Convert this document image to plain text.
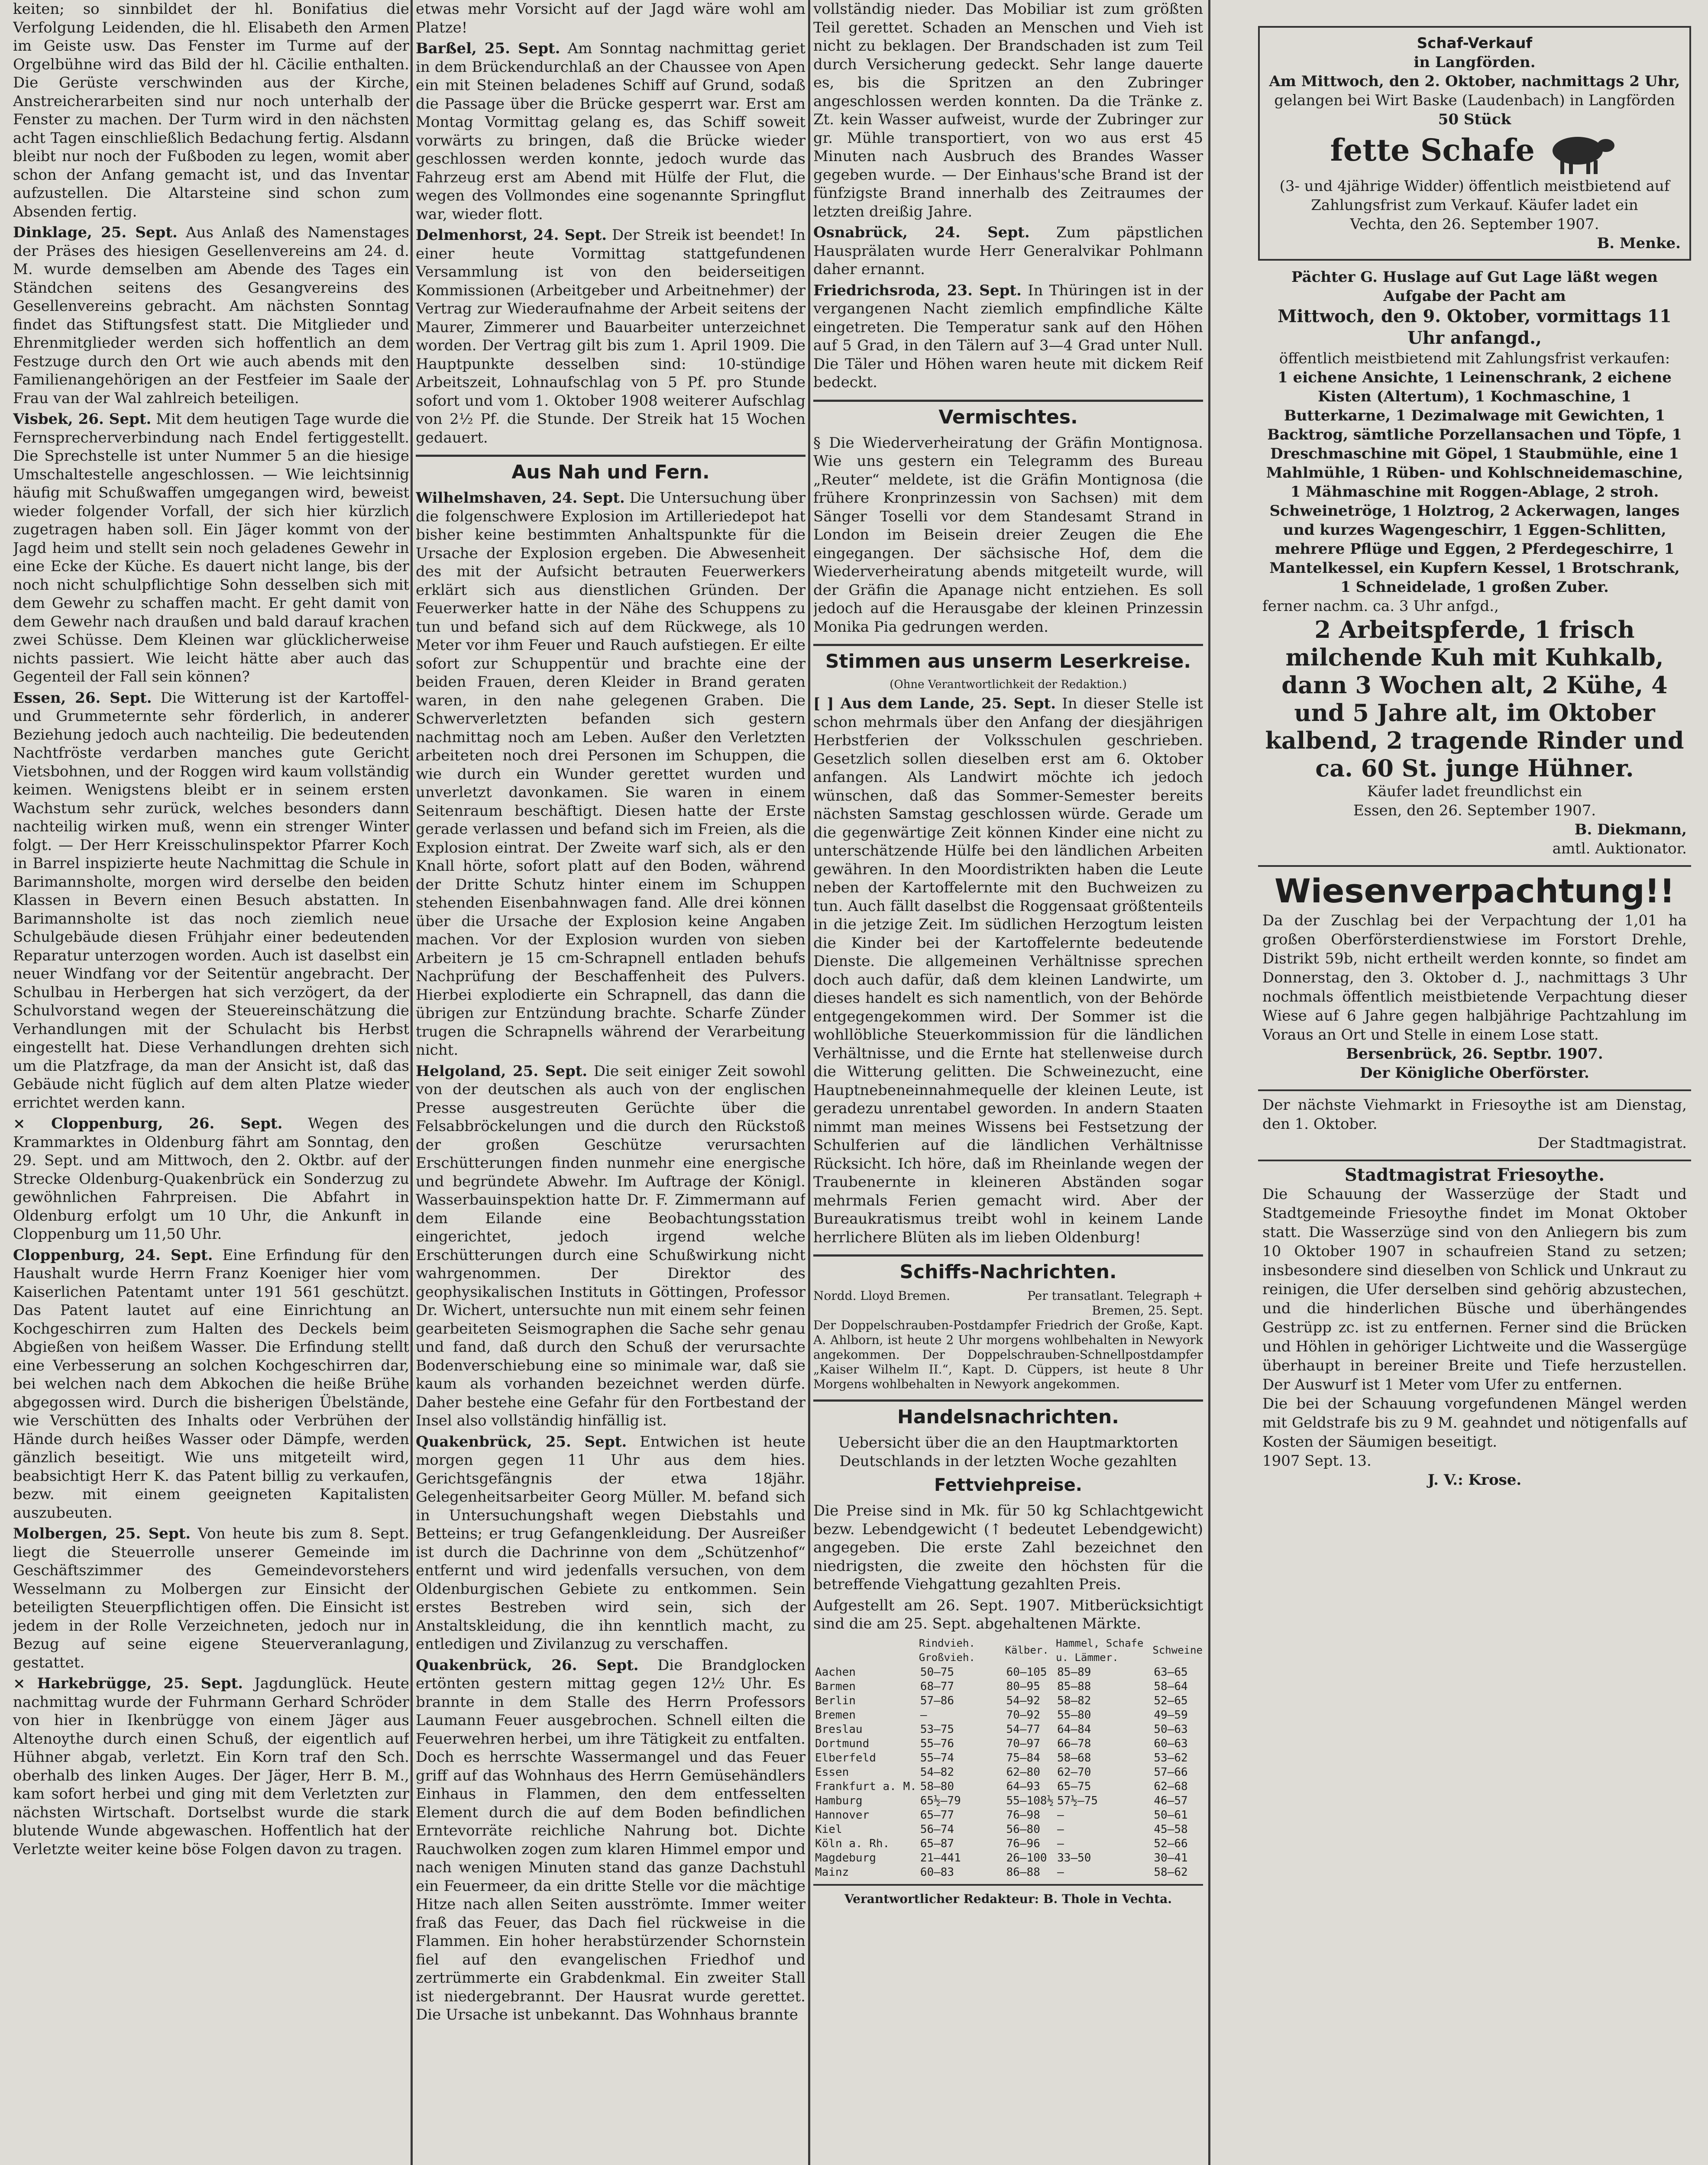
keiten; so sinnbildet der hl. Bonifatius die Verfolgung Leidenden, die hl. Elisabeth den Armen im Geiste usw. Das Fenster im Turme auf der Orgelbühne wird das Bild der hl. Cäcilie enthalten. Die Gerüste verschwinden aus der Kirche, Anstreicherarbeiten sind nur noch unterhalb der Fenster zu machen. Der Turm wird in den nächsten acht Tagen einschließlich Bedachung fertig. Alsdann bleibt nur noch der Fußboden zu legen, womit aber schon der Anfang gemacht ist, und das Inventar aufzustellen. Die Altarsteine sind schon zum Absenden fertig.

Dinklage, 25. Sept. Aus Anlaß des Namenstages der Präses des hiesigen Gesellenvereins am 24. d. M. wurde demselben am Abende des Tages ein Ständchen seitens des Gesangvereins des Gesellenvereins gebracht. Am nächsten Sonntag findet das Stiftungsfest statt. Die Mitglieder und Ehrenmitglieder werden sich hoffentlich an dem Festzuge durch den Ort wie auch abends mit den Familienangehörigen an der Festfeier im Saale der Frau van der Wal zahlreich beteiligen.

Visbek, 26. Sept. Mit dem heutigen Tage wurde die Fernsprecherverbindung nach Endel fertiggestellt. Die Sprechstelle ist unter Nummer 5 an die hiesige Umschaltestelle angeschlossen. — Wie leichtsinnig häufig mit Schußwaffen umgegangen wird, beweist wieder folgender Vorfall, der sich hier kürzlich zugetragen haben soll. Ein Jäger kommt von der Jagd heim und stellt sein noch geladenes Gewehr in eine Ecke der Küche. Es dauert nicht lange, bis der noch nicht schulpflichtige Sohn desselben sich mit dem Gewehr zu schaffen macht. Er geht damit von dem Gewehr nach draußen und bald darauf krachen zwei Schüsse. Dem Kleinen war glücklicherweise nichts passiert. Wie leicht hätte aber auch das Gegenteil der Fall sein können?

Essen, 26. Sept. Die Witterung ist der Kartoffel- und Grummeternte sehr förderlich, in anderer Beziehung jedoch auch nachteilig. Die bedeutenden Nachtfröste verdarben manches gute Gericht Vietsbohnen, und der Roggen wird kaum vollständig keimen. Wenigstens bleibt er in seinem ersten Wachstum sehr zurück, welches besonders dann nachteilig wirken muß, wenn ein strenger Winter folgt. — Der Herr Kreisschulinspektor Pfarrer Koch in Barrel inspizierte heute Nachmittag die Schule in Barimannsholte, morgen wird derselbe den beiden Klassen in Bevern einen Besuch abstatten. In Barimannsholte ist das noch ziemlich neue Schulgebäude diesen Frühjahr einer bedeutenden Reparatur unterzogen worden. Auch ist daselbst ein neuer Windfang vor der Seitentür angebracht. Der Schulbau in Herbergen hat sich verzögert, da der Schulvorstand wegen der Steuereinschätzung die Verhandlungen mit der Schulacht bis Herbst eingestellt hat. Diese Verhandlungen drehten sich um die Platzfrage, da man der Ansicht ist, daß das Gebäude nicht füglich auf dem alten Platze wieder errichtet werden kann.

× Cloppenburg, 26. Sept. Wegen des Krammarktes in Oldenburg fährt am Sonntag, den 29. Sept. und am Mittwoch, den 2. Oktbr. auf der Strecke Oldenburg-Quakenbrück ein Sonderzug zu gewöhnlichen Fahrpreisen. Die Abfahrt in Oldenburg erfolgt um 10 Uhr, die Ankunft in Cloppenburg um 11,50 Uhr.

Cloppenburg, 24. Sept. Eine Erfindung für den Haushalt wurde Herrn Franz Koeniger hier vom Kaiserlichen Patentamt unter 191 561 geschützt. Das Patent lautet auf eine Einrichtung an Kochgeschirren zum Halten des Deckels beim Abgießen von heißem Wasser. Die Erfindung stellt eine Verbesserung an solchen Kochgeschirren dar, bei welchen nach dem Abkochen die heiße Brühe abgegossen wird. Durch die bisherigen Übelstände, wie Verschütten des Inhalts oder Verbrühen der Hände durch heißes Wasser oder Dämpfe, werden gänzlich beseitigt. Wie uns mitgeteilt wird, beabsichtigt Herr K. das Patent billig zu verkaufen, bezw. mit einem geeigneten Kapitalisten auszubeuten.

Molbergen, 25. Sept. Von heute bis zum 8. Sept. liegt die Steuerrolle unserer Gemeinde im Geschäftszimmer des Gemeindevorstehers Wesselmann zu Molbergen zur Einsicht der beteiligten Steuerpflichtigen offen. Die Einsicht ist jedem in der Rolle Verzeichneten, jedoch nur in Bezug auf seine eigene Steuerveranlagung, gestattet.

× Harkebrügge, 25. Sept. Jagdunglück. Heute nachmittag wurde der Fuhrmann Gerhard Schröder von hier in Ikenbrügge von einem Jäger aus Altenoythe durch einen Schuß, der eigentlich auf Hühner abgab, verletzt. Ein Korn traf den Sch. oberhalb des linken Auges. Der Jäger, Herr B. M., kam sofort herbei und ging mit dem Verletzten zur nächsten Wirtschaft. Dortselbst wurde die stark blutende Wunde abgewaschen. Hoffentlich hat der Verletzte weiter keine böse Folgen davon zu tragen.

etwas mehr Vorsicht auf der Jagd wäre wohl am Platze!

Barßel, 25. Sept. Am Sonntag nachmittag geriet in dem Brückendurchlaß an der Chaussee von Apen ein mit Steinen beladenes Schiff auf Grund, sodaß die Passage über die Brücke gesperrt war. Erst am Montag Vormittag gelang es, das Schiff soweit vorwärts zu bringen, daß die Brücke wieder geschlossen werden konnte, jedoch wurde das Fahrzeug erst am Abend mit Hülfe der Flut, die wegen des Vollmondes eine sogenannte Springflut war, wieder flott.

Delmenhorst, 24. Sept. Der Streik ist beendet! In einer heute Vormittag stattgefundenen Versammlung ist von den beiderseitigen Kommissionen (Arbeitgeber und Arbeitnehmer) der Vertrag zur Wiederaufnahme der Arbeit seitens der Maurer, Zimmerer und Bauarbeiter unterzeichnet worden. Der Vertrag gilt bis zum 1. April 1909. Die Hauptpunkte desselben sind: 10-stündige Arbeitszeit, Lohnaufschlag von 5 Pf. pro Stunde sofort und vom 1. Oktober 1908 weiterer Aufschlag von 2½ Pf. die Stunde. Der Streik hat 15 Wochen gedauert.

Aus Nah und Fern.

Wilhelmshaven, 24. Sept. Die Untersuchung über die folgenschwere Explosion im Artilleriedepot hat bisher keine bestimmten Anhaltspunkte für die Ursache der Explosion ergeben. Die Abwesenheit des mit der Aufsicht betrauten Feuerwerkers erklärt sich aus dienstlichen Gründen. Der Feuerwerker hatte in der Nähe des Schuppens zu tun und befand sich auf dem Rückwege, als 10 Meter vor ihm Feuer und Rauch aufstiegen. Er eilte sofort zur Schuppentür und brachte eine der beiden Frauen, deren Kleider in Brand geraten waren, in den nahe gelegenen Graben. Die Schwerverletzten befanden sich gestern nachmittag noch am Leben. Außer den Verletzten arbeiteten noch drei Personen im Schuppen, die wie durch ein Wunder gerettet wurden und unverletzt davonkamen. Sie waren in einem Seitenraum beschäftigt. Diesen hatte der Erste gerade verlassen und befand sich im Freien, als die Explosion eintrat. Der Zweite warf sich, als er den Knall hörte, sofort platt auf den Boden, während der Dritte Schutz hinter einem im Schuppen stehenden Eisenbahnwagen fand. Alle drei können über die Ursache der Explosion keine Angaben machen. Vor der Explosion wurden von sieben Arbeitern je 15 cm-Schrapnell entladen behufs Nachprüfung der Beschaffenheit des Pulvers. Hierbei explodierte ein Schrapnell, das dann die übrigen zur Entzündung brachte. Scharfe Zünder trugen die Schrapnells während der Verarbeitung nicht.

Helgoland, 25. Sept. Die seit einiger Zeit sowohl von der deutschen als auch von der englischen Presse ausgestreuten Gerüchte über die Felsabbröckelungen und die durch den Rückstoß der großen Geschütze verursachten Erschütterungen finden nunmehr eine energische und begründete Abwehr. Im Auftrage der Königl. Wasserbauinspektion hatte Dr. F. Zimmermann auf dem Eilande eine Beobachtungsstation eingerichtet, jedoch irgend welche Erschütterungen durch eine Schußwirkung nicht wahrgenommen. Der Direktor des geophysikalischen Instituts in Göttingen, Professor Dr. Wichert, untersuchte nun mit einem sehr feinen gearbeiteten Seismographen die Sache sehr genau und fand, daß durch den Schuß der verursachte Bodenverschiebung eine so minimale war, daß sie kaum als vorhanden bezeichnet werden dürfe. Daher bestehe eine Gefahr für den Fortbestand der Insel also vollständig hinfällig ist.

Quakenbrück, 25. Sept. Entwichen ist heute morgen gegen 11 Uhr aus dem hies. Gerichtsgefängnis der etwa 18jähr. Gelegenheitsarbeiter Georg Müller. M. befand sich in Untersuchungshaft wegen Diebstahls und Betteins; er trug Gefangenkleidung. Der Ausreißer ist durch die Dachrinne von dem „Schützenhof“ entfernt und wird jedenfalls versuchen, von dem Oldenburgischen Gebiete zu entkommen. Sein erstes Bestreben wird sein, sich der Anstaltskleidung, die ihn kenntlich macht, zu entledigen und Zivilanzug zu verschaffen.

Quakenbrück, 26. Sept. Die Brandglocken ertönten gestern mittag gegen 12½ Uhr. Es brannte in dem Stalle des Herrn Professors Laumann Feuer ausgebrochen. Schnell eilten die Feuerwehren herbei, um ihre Tätigkeit zu entfalten. Doch es herrschte Wassermangel und das Feuer griff auf das Wohnhaus des Herrn Gemüsehändlers Einhaus in Flammen, den dem entfesselten Element durch die auf dem Boden befindlichen Erntevorräte reichliche Nahrung bot. Dichte Rauchwolken zogen zum klaren Himmel empor und nach wenigen Minuten stand das ganze Dachstuhl ein Feuermeer, da ein dritte Stelle vor die mächtige Hitze nach allen Seiten ausströmte. Immer weiter fraß das Feuer, das Dach fiel rückweise in die Flammen. Ein hoher herabstürzender Schornstein fiel auf den evangelischen Friedhof und zertrümmerte ein Grabdenkmal. Ein zweiter Stall ist niedergebrannt. Der Hausrat wurde gerettet. Die Ursache ist unbekannt. Das Wohnhaus brannte

vollständig nieder. Das Mobiliar ist zum größten Teil gerettet. Schaden an Menschen und Vieh ist nicht zu beklagen. Der Brandschaden ist zum Teil durch Versicherung gedeckt. Sehr lange dauerte es, bis die Spritzen an den Zubringer angeschlossen werden konnten. Da die Tränke z. Zt. kein Wasser aufweist, wurde der Zubringer zur gr. Mühle transportiert, von wo aus erst 45 Minuten nach Ausbruch des Brandes Wasser gegeben wurde. — Der Einhaus'sche Brand ist der fünfzigste Brand innerhalb des Zeitraumes der letzten dreißig Jahre.

Osnabrück, 24. Sept. Zum päpstlichen Hausprälaten wurde Herr Generalvikar Pohlmann daher ernannt.

Friedrichsroda, 23. Sept. In Thüringen ist in der vergangenen Nacht ziemlich empfindliche Kälte eingetreten. Die Temperatur sank auf den Höhen auf 5 Grad, in den Tälern auf 3—4 Grad unter Null. Die Täler und Höhen waren heute mit dickem Reif bedeckt.

Vermischtes.

§ Die Wiederverheiratung der Gräfin Montignosa. Wie uns gestern ein Telegramm des Bureau „Reuter“ meldete, ist die Gräfin Montignosa (die frühere Kronprinzessin von Sachsen) mit dem Sänger Toselli vor dem Standesamt Strand in London im Beisein dreier Zeugen die Ehe eingegangen. Der sächsische Hof, dem die Wiederverheiratung abends mitgeteilt wurde, will der Gräfin die Apanage nicht entziehen. Es soll jedoch auf die Herausgabe der kleinen Prinzessin Monika Pia gedrungen werden.

Stimmen aus unserm Leserkreise.

(Ohne Verantwortlichkeit der Redaktion.)

[ ] Aus dem Lande, 25. Sept. In dieser Stelle ist schon mehrmals über den Anfang der diesjährigen Herbstferien der Volksschulen geschrieben. Gesetzlich sollen dieselben erst am 6. Oktober anfangen. Als Landwirt möchte ich jedoch wünschen, daß das Sommer-Semester bereits nächsten Samstag geschlossen würde. Gerade um die gegenwärtige Zeit können Kinder eine nicht zu unterschätzende Hülfe bei den ländlichen Arbeiten gewähren. In den Moordistrikten haben die Leute neben der Kartoffelernte mit den Buchweizen zu tun. Auch fällt daselbst die Roggensaat größtenteils in die jetzige Zeit. Im südlichen Herzogtum leisten die Kinder bei der Kartoffelernte bedeutende Dienste. Die allgemeinen Verhältnisse sprechen doch auch dafür, daß dem kleinen Landwirte, um dieses handelt es sich namentlich, von der Behörde entgegengekommen wird. Der Sommer ist die wohllöbliche Steuerkommission für die ländlichen Verhältnisse, und die Ernte hat stellenweise durch die Witterung gelitten. Die Schweinezucht, eine Hauptnebeneinnahmequelle der kleinen Leute, ist geradezu unrentabel geworden. In andern Staaten nimmt man meines Wissens bei Festsetzung der Schulferien auf die ländlichen Verhältnisse Rücksicht. Ich höre, daß im Rheinlande wegen der Traubenernte in kleineren Abständen sogar mehrmals Ferien gemacht wird. Aber der Bureaukratismus treibt wohl in keinem Lande herrlichere Blüten als im lieben Oldenburg!

Schiffs-Nachrichten.
Nordd. Lloyd Bremen.	Per transatlant. Telegraph + Bremen, 25. Sept.

Der Doppelschrauben-Postdampfer Friedrich der Große, Kapt. A. Ahlborn, ist heute 2 Uhr morgens wohlbehalten in Newyork angekommen. Der Doppelschrauben-Schnellpostdampfer „Kaiser Wilhelm II.“, Kapt. D. Cüppers, ist heute 8 Uhr Morgens wohlbehalten in Newyork angekommen.

Handelsnachrichten.

Uebersicht über die an den Hauptmarktorten Deutschlands in der letzten Woche gezahlten

Fettviehpreise.

Die Preise sind in Mk. für 50 kg Schlachtgewicht bezw. Lebendgewicht (↑ bedeutet Lebendgewicht) angegeben. Die erste Zahl bezeichnet den niedrigsten, die zweite den höchsten für die betreffende Viehgattung gezahlten Preis.

Aufgestellt am 26. Sept. 1907. Mitberücksichtigt sind die am 25. Sept. abgehaltenen Märkte.

	Rindvieh. Großvieh.	Kälber.	Hammel, Schafe u. Lämmer.	Schweine
Aachen	50—75	60—105	85—89	63—65
Barmen	68—77	80—95	85—88	58—64
Berlin	57—86	54—92	58—82	52—65
Bremen	—	70—92	55—80	49—59
Breslau	53—75	54—77	64—84	50—63
Dortmund	55—76	70—97	66—78	60—63
Elberfeld	55—74	75—84	58—68	53—62
Essen	54—82	62—80	62—70	57—66
Frankfurt a. M.	58—80	64—93	65—75	62—68
Hamburg	65½—79	55—108½	57½—75	46—57
Hannover	65—77	76—98	—	50—61
Kiel	56—74	56—80	—	45—58
Köln a. Rh.	65—87	76—96	—	52—66
Magdeburg	21—441	26—100	33—50	30—41
Mainz	60—83	86—88	—	58—62

Verantwortlicher Redakteur: B. Thole in Vechta.

Schaf-Verkauf

in Langförden.

Am Mittwoch, den 2. Oktober, nachmittags 2 Uhr,

gelangen bei Wirt Baske (Laudenbach) in Langförden

50 Stück

fette Schafe

(3- und 4jährige Widder) öffentlich meistbietend auf Zahlungsfrist zum Verkauf. Käufer ladet ein

Vechta, den 26. September 1907.

B. Menke.

Pächter G. Huslage auf Gut Lage läßt wegen Aufgabe der Pacht am

Mittwoch, den 9. Oktober, vormittags 11 Uhr anfangd.,

öffentlich meistbietend mit Zahlungsfrist verkaufen:

1 eichene Ansichte, 1 Leinenschrank, 2 eichene Kisten (Altertum), 1 Kochmaschine, 1 Butterkarne, 1 Dezimalwage mit Gewichten, 1 Backtrog, sämtliche Porzellansachen und Töpfe, 1 Dreschmaschine mit Göpel, 1 Staubmühle, eine 1 Mahlmühle, 1 Rüben- und Kohlschneidemaschine, 1 Mähmaschine mit Roggen-Ablage, 2 stroh. Schweinetröge, 1 Holztrog, 2 Ackerwagen, langes und kurzes Wagengeschirr, 1 Eggen-Schlitten, mehrere Pflüge und Eggen, 2 Pferdegeschirre, 1 Mantelkessel, ein Kupfern Kessel, 1 Brotschrank, 1 Schneidelade, 1 großen Zuber.

ferner nachm. ca. 3 Uhr anfgd.,

2 Arbeitspferde, 1 frisch milchende Kuh mit Kuhkalb, dann 3 Wochen alt, 2 Kühe, 4 und 5 Jahre alt, im Oktober kalbend, 2 tragende Rinder und ca. 60 St. junge Hühner.

Käufer ladet freundlichst ein

Essen, den 26. September 1907.

B. Diekmann,

amtl. Auktionator.

Wiesenverpachtung!!

Da der Zuschlag bei der Verpachtung der 1,01 ha großen Oberförsterdienstwiese im Forstort Drehle, Distrikt 59b, nicht ertheilt werden konnte, so findet am Donnerstag, den 3. Oktober d. J., nachmittags 3 Uhr nochmals öffentlich meistbietende Verpachtung dieser Wiese auf 6 Jahre gegen halbjährige Pachtzahlung im Voraus an Ort und Stelle in einem Lose statt.

Bersenbrück, 26. Septbr. 1907.

Der Königliche Oberförster.

Der nächste Viehmarkt in Friesoythe ist am Dienstag, den 1. Oktober.

Der Stadtmagistrat.

Stadtmagistrat Friesoythe.

Die Schauung der Wasserzüge der Stadt und Stadtgemeinde Friesoythe findet im Monat Oktober statt. Die Wasserzüge sind von den Anliegern bis zum 10 Oktober 1907 in schaufreien Stand zu setzen; insbesondere sind dieselben von Schlick und Unkraut zu reinigen, die Ufer derselben sind gehörig abzustechen, und die hinderlichen Büsche und überhängendes Gestrüpp zc. ist zu entfernen. Ferner sind die Brücken und Höhlen in gehöriger Lichtweite und die Wassergüge überhaupt in bereiner Breite und Tiefe herzustellen. Der Auswurf ist 1 Meter vom Ufer zu entfernen.

Die bei der Schauung vorgefundenen Mängel werden mit Geldstrafe bis zu 9 M. geahndet und nötigenfalls auf Kosten der Säumigen beseitigt.

1907 Sept. 13.

J. V.: Krose.
